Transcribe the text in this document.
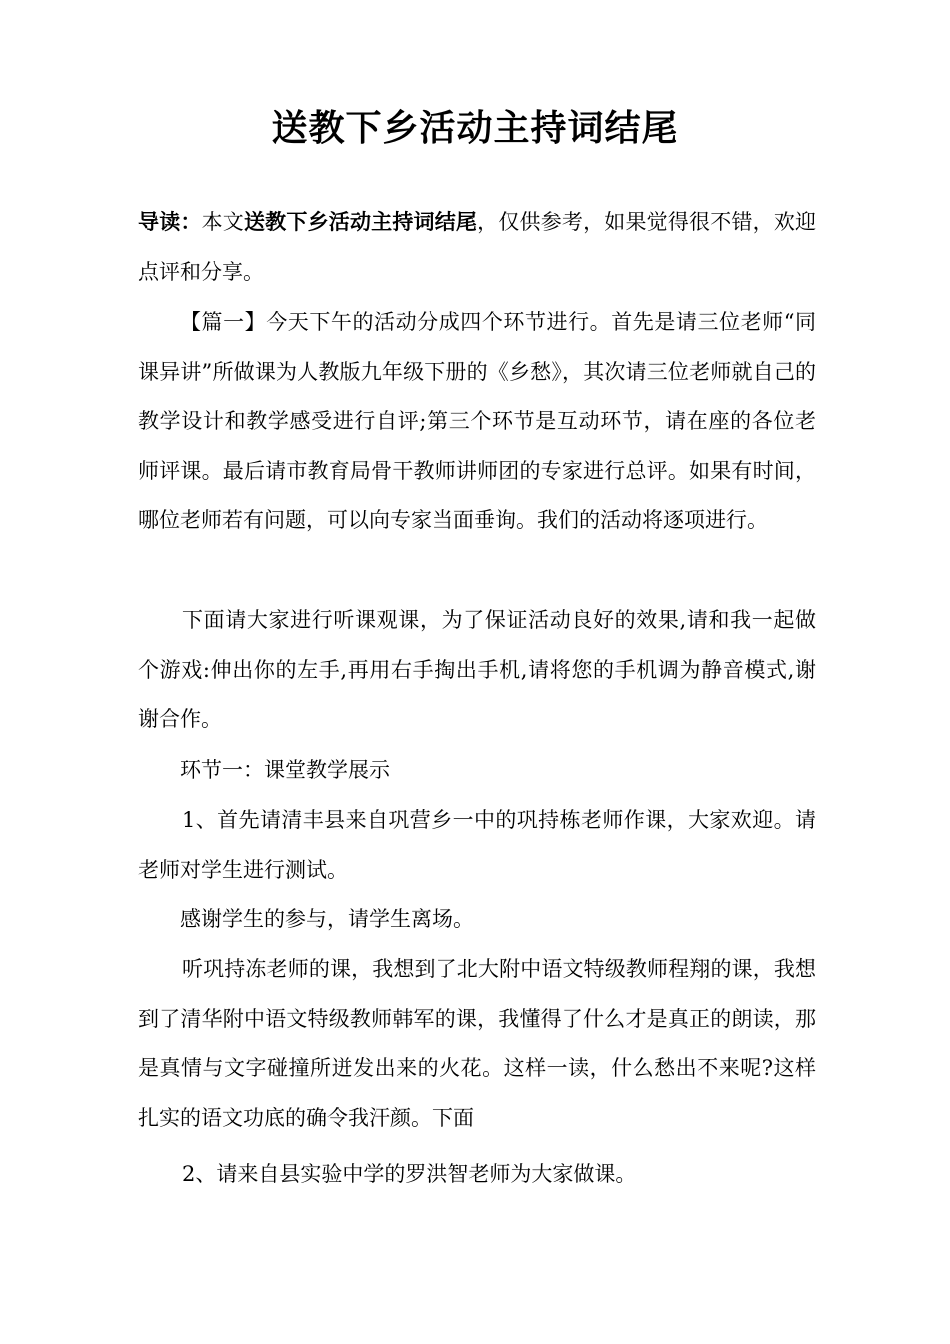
送教下乡活动主持词结尾

导读：本文送教下乡活动主持词结尾，仅供参考，如果觉得很不错，欢迎点评和分享。

【篇一】今天下午的活动分成四个环节进行。首先是请三位老师“同课异讲”所做课为人教版九年级下册的《乡愁》，其次请三位老师就自己的教学设计和教学感受进行自评;第三个环节是互动环节，请在座的各位老师评课。最后请市教育局骨干教师讲师团的专家进行总评。如果有时间，哪位老师若有问题，可以向专家当面垂询。我们的活动将逐项进行。

下面请大家进行听课观课，为了保证活动良好的效果,请和我一起做个游戏:伸出你的左手,再用右手掏出手机,请将您的手机调为静音模式,谢谢合作。

环节一：课堂教学展示

1、首先请清丰县来自巩营乡一中的巩持栋老师作课，大家欢迎。请老师对学生进行测试。

感谢学生的参与，请学生离场。

听巩持冻老师的课，我想到了北大附中语文特级教师程翔的课，我想到了清华附中语文特级教师韩军的课，我懂得了什么才是真正的朗读，那是真情与文字碰撞所迸发出来的火花。这样一读，什么愁出不来呢?这样扎实的语文功底的确令我汗颜。下面

2、请来自县实验中学的罗洪智老师为大家做课。
